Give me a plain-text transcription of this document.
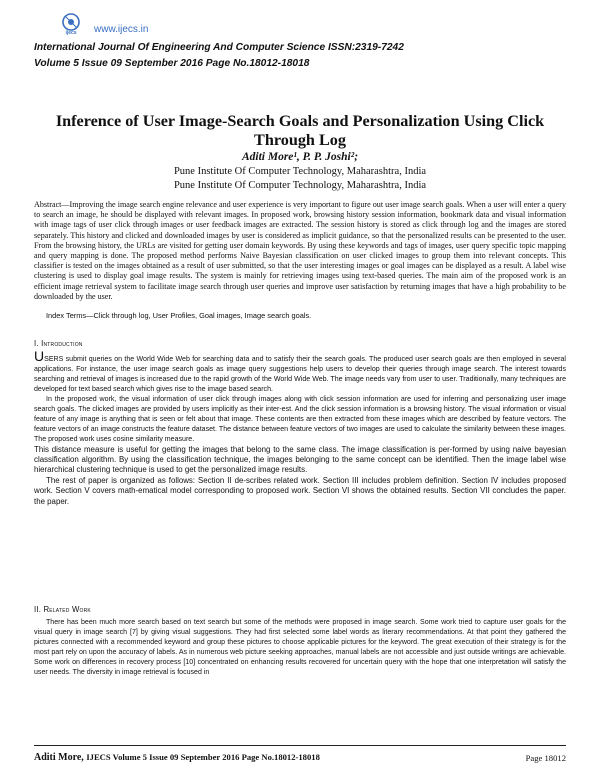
ijecs	www.ijecs.in
International Journal Of Engineering And Computer Science ISSN:2319-7242
Volume 5 Issue 09 September 2016 Page No.18012-18018
Inference of User Image-Search Goals and Personalization Using Click Through Log
Aditi More¹, P. P. Joshi²;
Pune Institute Of Computer Technology, Maharashtra, India
Pune Institute Of Computer Technology, Maharashtra, India
Abstract—Improving the image search engine relevance and user experience is very important to figure out user image search goals. When a user will enter a query to search an image, he should be displayed with relevant images. In proposed work, browsing history session information, bookmark data and visual information with image tags of user click through images or user feedback images are extracted. The session history is stored as click through log and the images are stored separately. This history and clicked and downloaded images by user is considered as implicit guidance, so that the personalized results can be presented to the user. From the browsing history, the URLs are visited for getting user domain keywords. By using these keywords and tags of images, user query specific topic mapping and query mapping is done. The proposed method performs Naive Bayesian classification on user clicked images to group them into relevant concepts. This classifier is tested on the images obtained as a result of user submitted, so that the user interesting images or goal images can be displayed as a result. A label wise clustering is used to display goal image results. The system is mainly for retrieving images using text-based queries. The main aim of the proposed work is an efficient image retrieval system to facilitate image search through user queries and improve user satisfaction by returning images that have a high probability to be downloaded by the user.
Index Terms—Click through log, User Profiles, Goal images, Image search goals.
I. Introduction

USERS submit queries on the World Wide Web for searching data and to satisfy their the search goals. The produced user search goals are then employed in several applications. For instance, the user image search goals as image query suggestions help users to develop their queries through image search. The interest towards searching and retrieval of images is increased due to the rapid growth of the World Wide Web. The image needs vary from user to user. Traditionally, many techniques are developed for text based search which gives rise to the image based search.

In the proposed work, the visual information of user click through images along with click session information are used for inferring and personalizing user image search goals. The clicked images are provided by users implicitly as their inter-est. And the click session information is a browsing history. The visual information or visual feature of any image is anything that is seen or felt about that image. These contents are then extracted from these images which are described by feature vectors. The feature vectors of an image constructs the feature dataset. The distance between feature vectors of two images are used to calculate the similarity between these images. The proposed work uses cosine similarity measure.

This distance measure is useful for getting the images that belong to the same class. The image classification is per-formed by using naive bayesian classification algorithm. By using the classification technique, the images belonging to the same concept can be identified. Then the image label wise hierarchical clustering technique is used to get the personalized image results.

The rest of paper is organized as follows: Section II de-scribes related work. Section III includes problem definition. Section IV includes proposed work. Section V covers math-ematical model corresponding to proposed work. Section VI shows the obtained results. Section VII concludes the paper. the paper.

II. Related Work

There has been much more search based on text search but some of the methods were proposed in image search. Some work tried to capture user goals for the visual query in image search [7] by giving visual suggestions. They had first selected some label words as literary recommendations. At that point they gathered the pictures connected with a recommended keyword and group these pictures to choose applicable pictures for the keyword. The great execution of their strategy is for the most part rely on upon the accuracy of labels. As in numerous web picture seeking approaches, manual labels are not accessible and just outside writings are achievable. Some work on differences in recovery process [10] concentrated on enhancing results recovered for uncertain query with the hope that one interpretation will satisfy the user needs. The diversity in image retrieval is focused in

Aditi More, IJECS Volume 5 Issue 09 September 2016 Page No.18012-18018	Page 18012
